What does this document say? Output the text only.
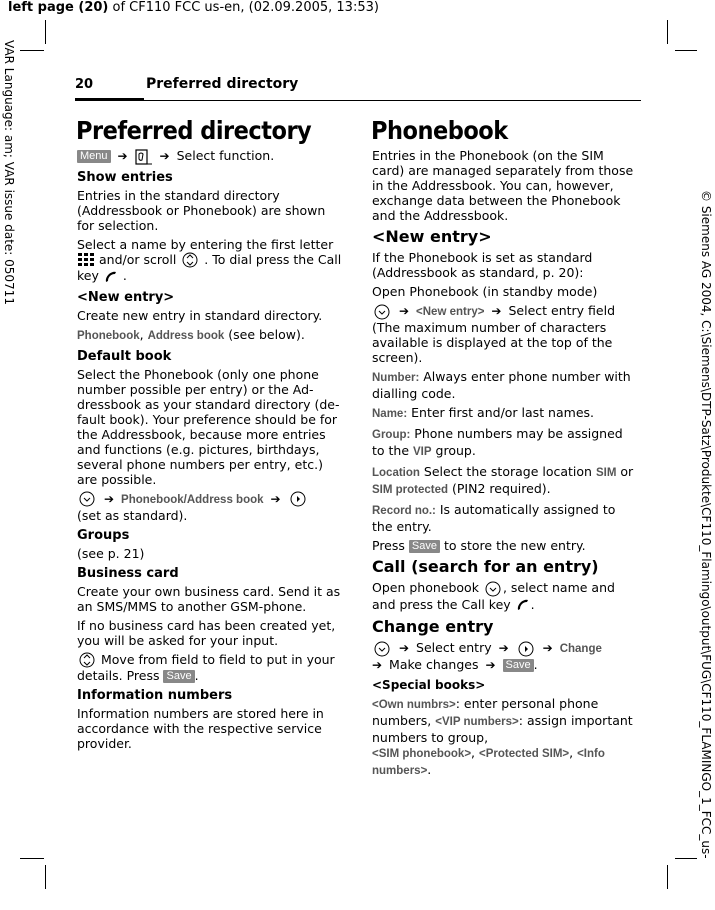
left page (20) of CF110 FCC us-en, (02.09.2005, 13:53)
VAR Language: am; VAR issue date: 050711
© Siemens AG 2004, C:\Siemens\DTP-Satz\Produkte\CF110_Flamingo\output\FUG\CF110_FLAMINGO_1_FCC_us-
20	Preferred directory
Preferred directory

Menu ➔	➔ Select function.

Show entries

Entries in the standard directory (Addressbook or Phonebook) are shown for selection.

Select a name by entering the first letter  and/or scroll . To dial press the Call key .

<New entry>

Create new entry in standard directory.

Phonebook, Address book (see below).

Default book

Select the Phonebook (only one phone number possible per entry) or the Ad-dressbook as your standard directory (de-fault book). Your preference should be for the Addressbook, because more entries and functions (e.g. pictures, birthdays, several phone numbers per entry, etc.) are possible.

➔ Phonebook/Address book ➔
(set as standard).

Groups

(see p. 21)

Business card

Create your own business card. Send it as an SMS/MMS to another GSM-phone.

If no business card has been created yet, you will be asked for your input.

Move from field to field to put in your details. Press Save .

Information numbers

Information numbers are stored here in accordance with the respective service provider.

Phonebook

Entries in the Phonebook (on the SIM card) are managed separately from those in the Addressbook. You can, however, exchange data between the Phonebook and the Addressbook.

<New entry>

If the Phonebook is set as standard (Addressbook as standard, p. 20):

Open Phonebook (in standby mode)

➔ <New entry> ➔ Select entry field (The maximum number of characters available is displayed at the top of the screen).

Number: Always enter phone number with dialling code.

Name: Enter first and/or last names.

Group: Phone numbers may be assigned to the VIP group.

Location Select the storage location SIM or SIM protected (PIN2 required).

Record no.: Is automatically assigned to the entry.

Press Save to store the new entry.

Call (search for an entry)

Open phonebook , select name and and press the Call key .

Change entry

➔ Select entry ➔	➔ Change
➔ Make changes ➔ Save .

<Special books>

<Own numbrs>: enter personal phone numbers, <VIP numbers>: assign important numbers to group,
<SIM phonebook>, <Protected SIM>, <Info numbers>.
